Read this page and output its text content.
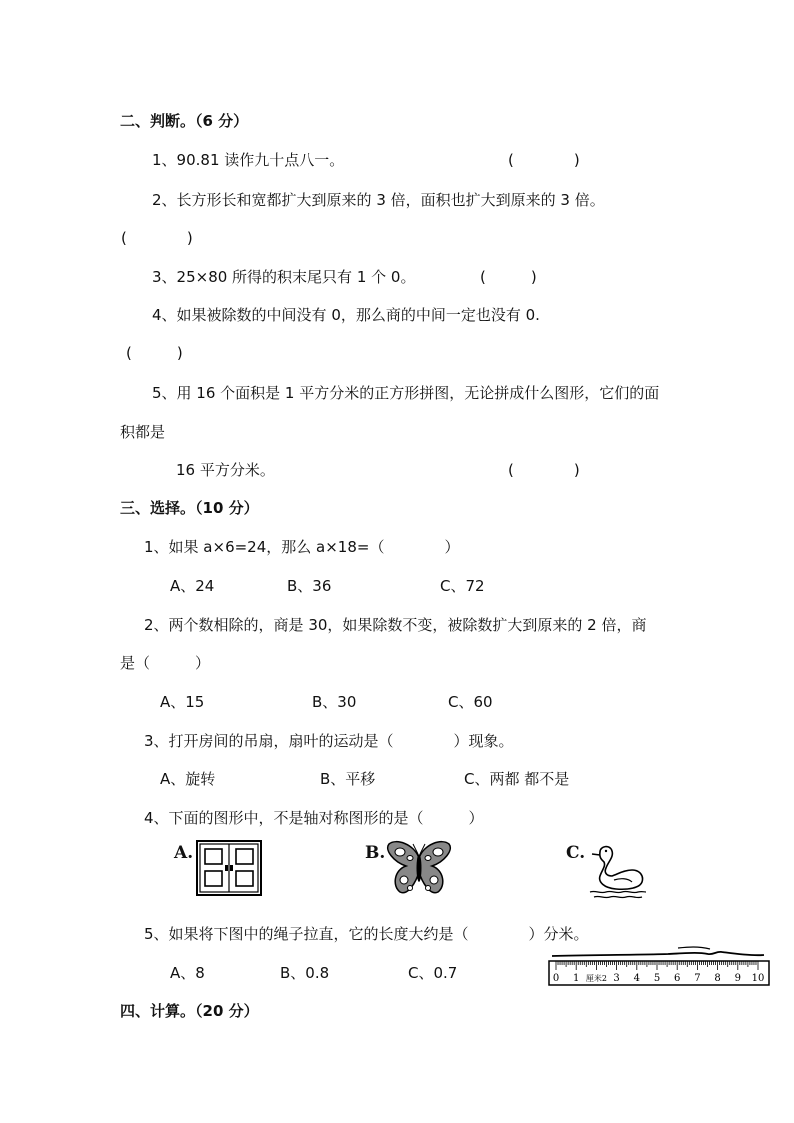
二、判断。（6 分）
1、90.81 读作九十点八一。	(　　　　)
2、长方形长和宽都扩大到原来的 3 倍，面积也扩大到原来的 3 倍。
(　　　　)
3、25×80 所得的积末尾只有 1 个 0。	(　　　)
4、如果被除数的中间没有 0，那么商的中间一定也没有 0.
(　　　)
5、用 16 个面积是 1 平方分米的正方形拼图，无论拼成什么图形，它们的面
积都是
16 平方分米。	(　　　　)
三、选择。（10 分）
1、如果 a×6=24，那么 a×18=（　　　　）
A、24	B、36	C、72
2、两个数相除的，商是 30，如果除数不变，被除数扩大到原来的 2 倍，商
是（　　　）
A、15	B、30	C、60
3、打开房间的吊扇，扇叶的运动是（　　　　）现象。
A、旋转	B、平移	C、两都 都不是
4、下面的图形中，不是轴对称图形的是（　　　）
A.	B.	C.
5、如果将下图中的绳子拉直，它的长度大约是（　　　　）分米。
A、8	B、0.8	C、0.7	0 1 厘米2 3 4 5 6 7 8 9 10
四、计算。（20 分）
